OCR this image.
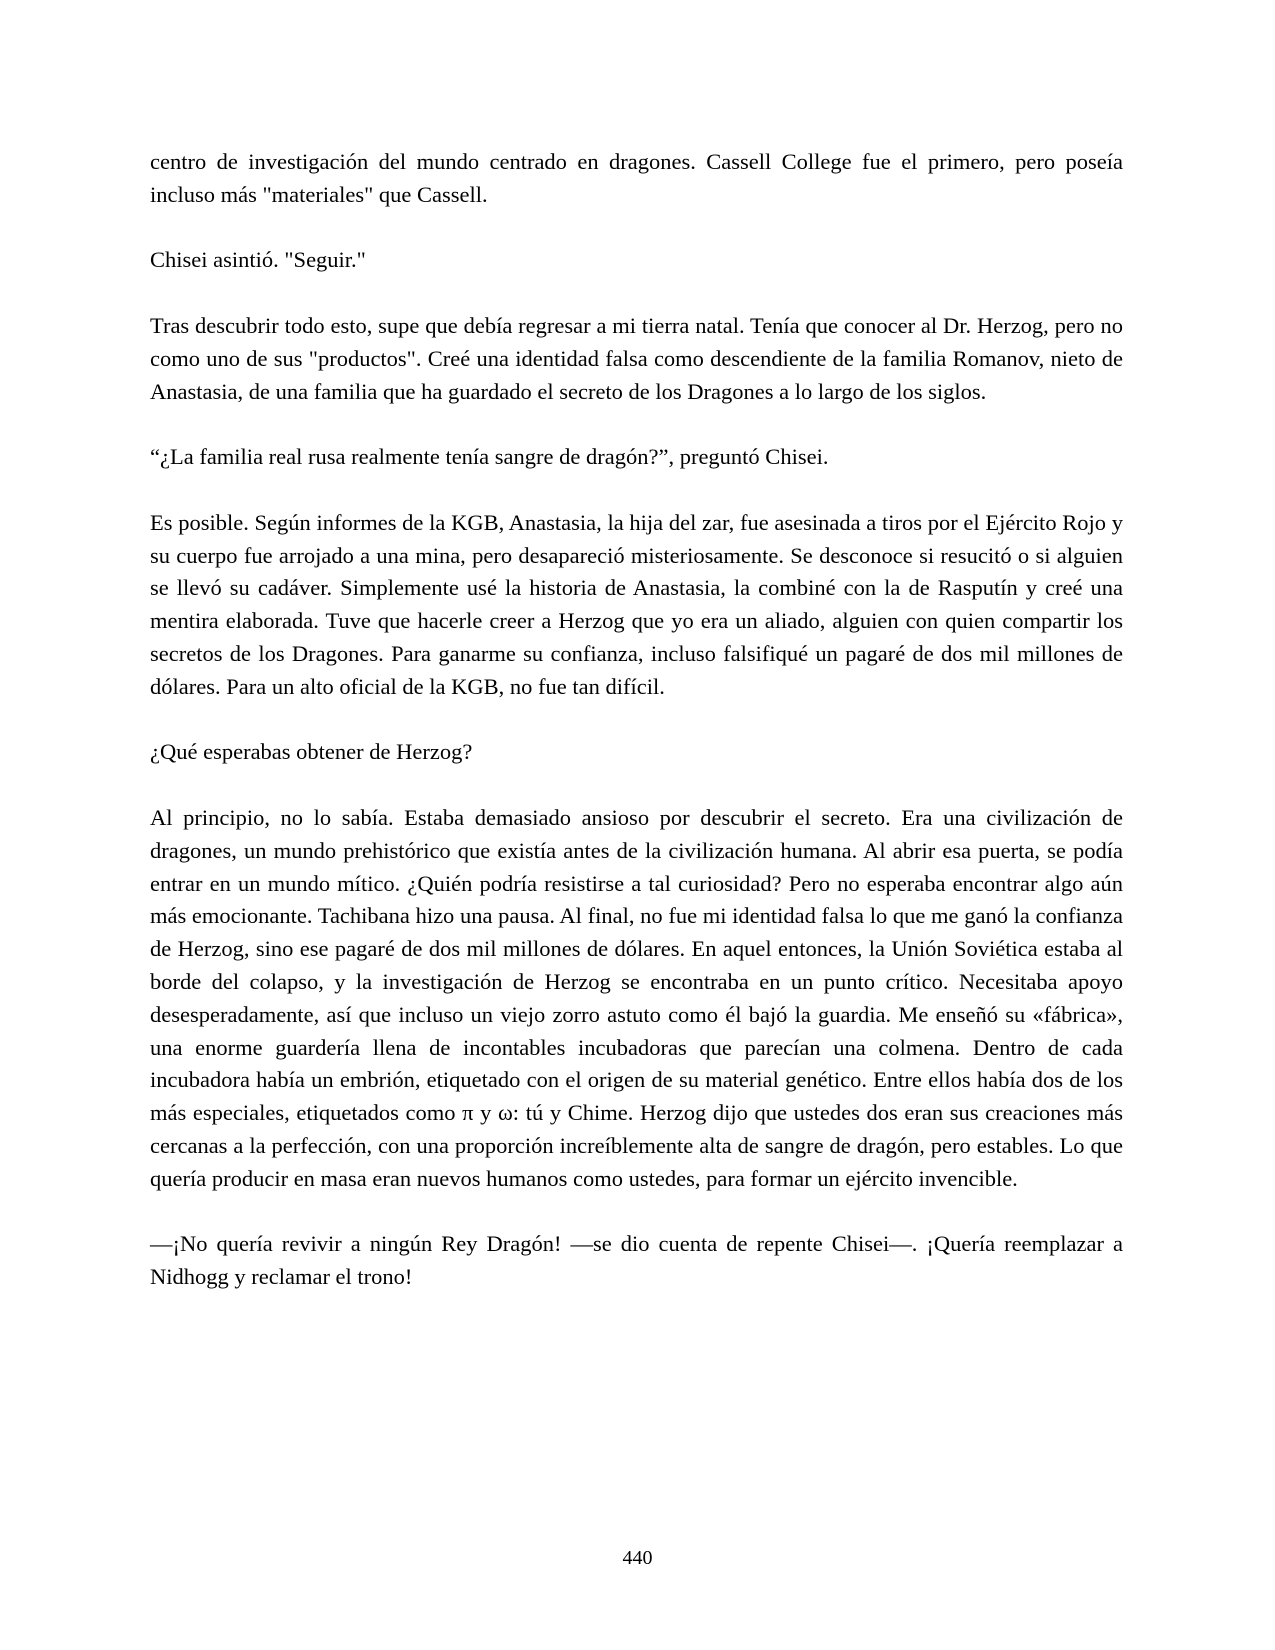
centro de investigación del mundo centrado en dragones. Cassell College fue el primero, pero poseía incluso más "materiales" que Cassell.

Chisei asintió. "Seguir."

Tras descubrir todo esto, supe que debía regresar a mi tierra natal. Tenía que conocer al Dr. Herzog, pero no como uno de sus "productos". Creé una identidad falsa como descendiente de la familia Romanov, nieto de Anastasia, de una familia que ha guardado el secreto de los Dragones a lo largo de los siglos.

“¿La familia real rusa realmente tenía sangre de dragón?”, preguntó Chisei.

Es posible. Según informes de la KGB, Anastasia, la hija del zar, fue asesinada a tiros por el Ejército Rojo y su cuerpo fue arrojado a una mina, pero desapareció misteriosamente. Se desconoce si resucitó o si alguien se llevó su cadáver. Simplemente usé la historia de Anastasia, la combiné con la de Rasputín y creé una mentira elaborada. Tuve que hacerle creer a Herzog que yo era un aliado, alguien con quien compartir los secretos de los Dragones. Para ganarme su confianza, incluso falsifiqué un pagaré de dos mil millones de dólares. Para un alto oficial de la KGB, no fue tan difícil.

¿Qué esperabas obtener de Herzog?

Al principio, no lo sabía. Estaba demasiado ansioso por descubrir el secreto. Era una civilización de dragones, un mundo prehistórico que existía antes de la civilización humana. Al abrir esa puerta, se podía entrar en un mundo mítico. ¿Quién podría resistirse a tal curiosidad? Pero no esperaba encontrar algo aún más emocionante. Tachibana hizo una pausa. Al final, no fue mi identidad falsa lo que me ganó la confianza de Herzog, sino ese pagaré de dos mil millones de dólares. En aquel entonces, la Unión Soviética estaba al borde del colapso, y la investigación de Herzog se encontraba en un punto crítico. Necesitaba apoyo desesperadamente, así que incluso un viejo zorro astuto como él bajó la guardia. Me enseñó su «fábrica», una enorme guardería llena de incontables incubadoras que parecían una colmena. Dentro de cada incubadora había un embrión, etiquetado con el origen de su material genético. Entre ellos había dos de los más especiales, etiquetados como π y ω: tú y Chime. Herzog dijo que ustedes dos eran sus creaciones más cercanas a la perfección, con una proporción increíblemente alta de sangre de dragón, pero estables. Lo que quería producir en masa eran nuevos humanos como ustedes, para formar un ejército invencible.

—¡No quería revivir a ningún Rey Dragón! —se dio cuenta de repente Chisei—. ¡Quería reemplazar a Nidhogg y reclamar el trono!

440
